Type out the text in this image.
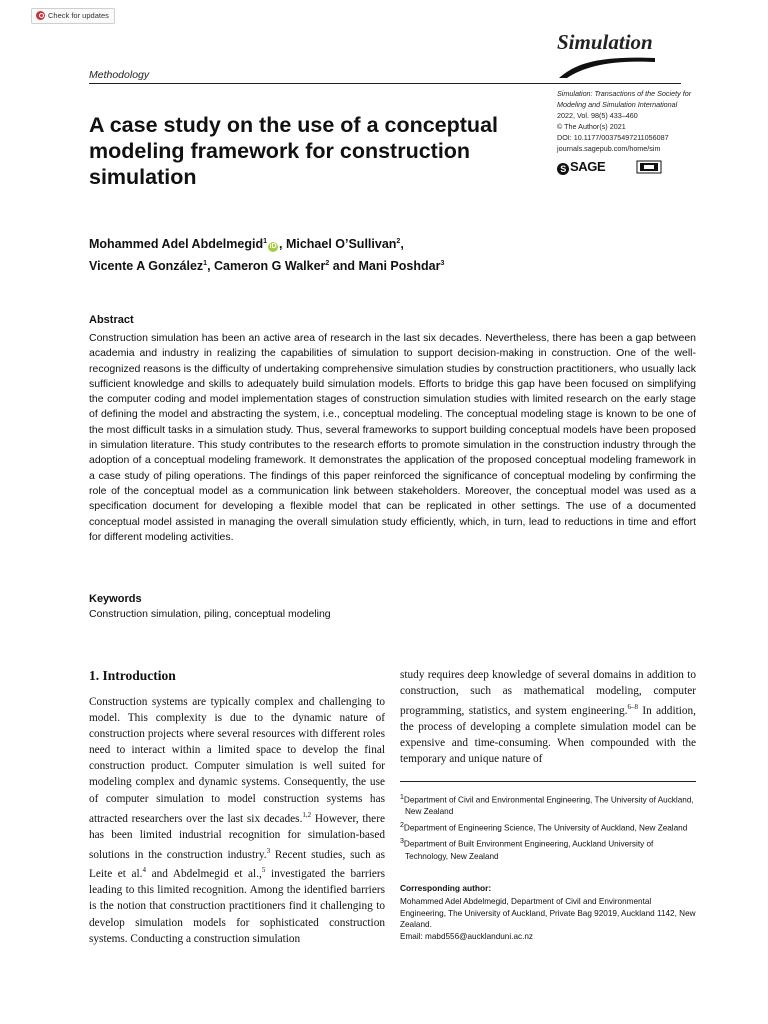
Check for updates
Simulation
Methodology
A case study on the use of a conceptual modeling framework for construction simulation
Simulation: Transactions of the Society for Modeling and Simulation International
2022, Vol. 98(5) 433–460
© The Author(s) 2021
DOI: 10.1177/00375497211056087
journals.sagepub.com/home/sim
S SAGE
Mohammed Adel Abdelmegid$^1$iD , Michael O’Sullivan$^2$,
Vicente A González$^1$, Cameron G Walker$^2$ and Mani Poshdar$^3$
Abstract
Construction simulation has been an active area of research in the last six decades. Nevertheless, there has been a gap between academia and industry in realizing the capabilities of simulation to support decision-making in construction. One of the well-recognized reasons is the difficulty of undertaking comprehensive simulation studies by construction practitioners, who usually lack sufficient knowledge and skills to adequately build simulation models. Efforts to bridge this gap have been focused on simplifying the computer coding and model implementation stages of construction simulation studies with limited research on the early stage of defining the model and abstracting the system, i.e., conceptual modeling. The conceptual modeling stage is known to be one of the most difficult tasks in a simulation study. Thus, several frameworks to support building conceptual models have been proposed in simulation literature. This study contributes to the research efforts to promote simulation in the construction industry through the adoption of a conceptual modeling framework. It demonstrates the application of the proposed conceptual modeling framework in a case study of piling operations. The findings of this paper reinforced the significance of conceptual modeling by confirming the role of the conceptual model as a communication link between stakeholders. Moreover, the conceptual model was used as a specification document for developing a flexible model that can be replicated in other settings. The use of a documented conceptual model assisted in managing the overall simulation study efficiently, which, in turn, lead to reductions in time and effort for different modeling activities.
Keywords
Construction simulation, piling, conceptual modeling
1. Introduction
Construction systems are typically complex and challenging to model. This complexity is due to the dynamic nature of construction projects where several resources with different roles need to interact within a limited space to develop the final construction product. Computer simulation is well suited for modeling complex and dynamic systems. Consequently, the use of computer simulation to model construction systems has attracted researchers over the last six decades.$^{1,2}$ However, there has been limited industrial recognition for simulation-based solutions in the construction industry.$^3$ Recent studies, such as Leite et al.$^4$ and Abdelmegid et al.,$^5$ investigated the barriers leading to this limited recognition. Among the identified barriers is the notion that construction practitioners find it challenging to develop simulation models for sophisticated construction systems. Conducting a construction simulation
study requires deep knowledge of several domains in addition to construction, such as mathematical modeling, computer programming, statistics, and system engineering.$^{6-8}$ In addition, the process of developing a complete simulation model can be expensive and time-consuming. When compounded with the temporary and unique nature of

$^1$Department of Civil and Environmental Engineering, The University of Auckland, New Zealand

$^2$Department of Engineering Science, The University of Auckland, New Zealand

$^3$Department of Built Environment Engineering, Auckland University of Technology, New Zealand

Corresponding author:
Mohammed Adel Abdelmegid, Department of Civil and Environmental Engineering, The University of Auckland, Private Bag 92019, Auckland 1142, New Zealand.
Email: mabd556@aucklanduni.ac.nz
